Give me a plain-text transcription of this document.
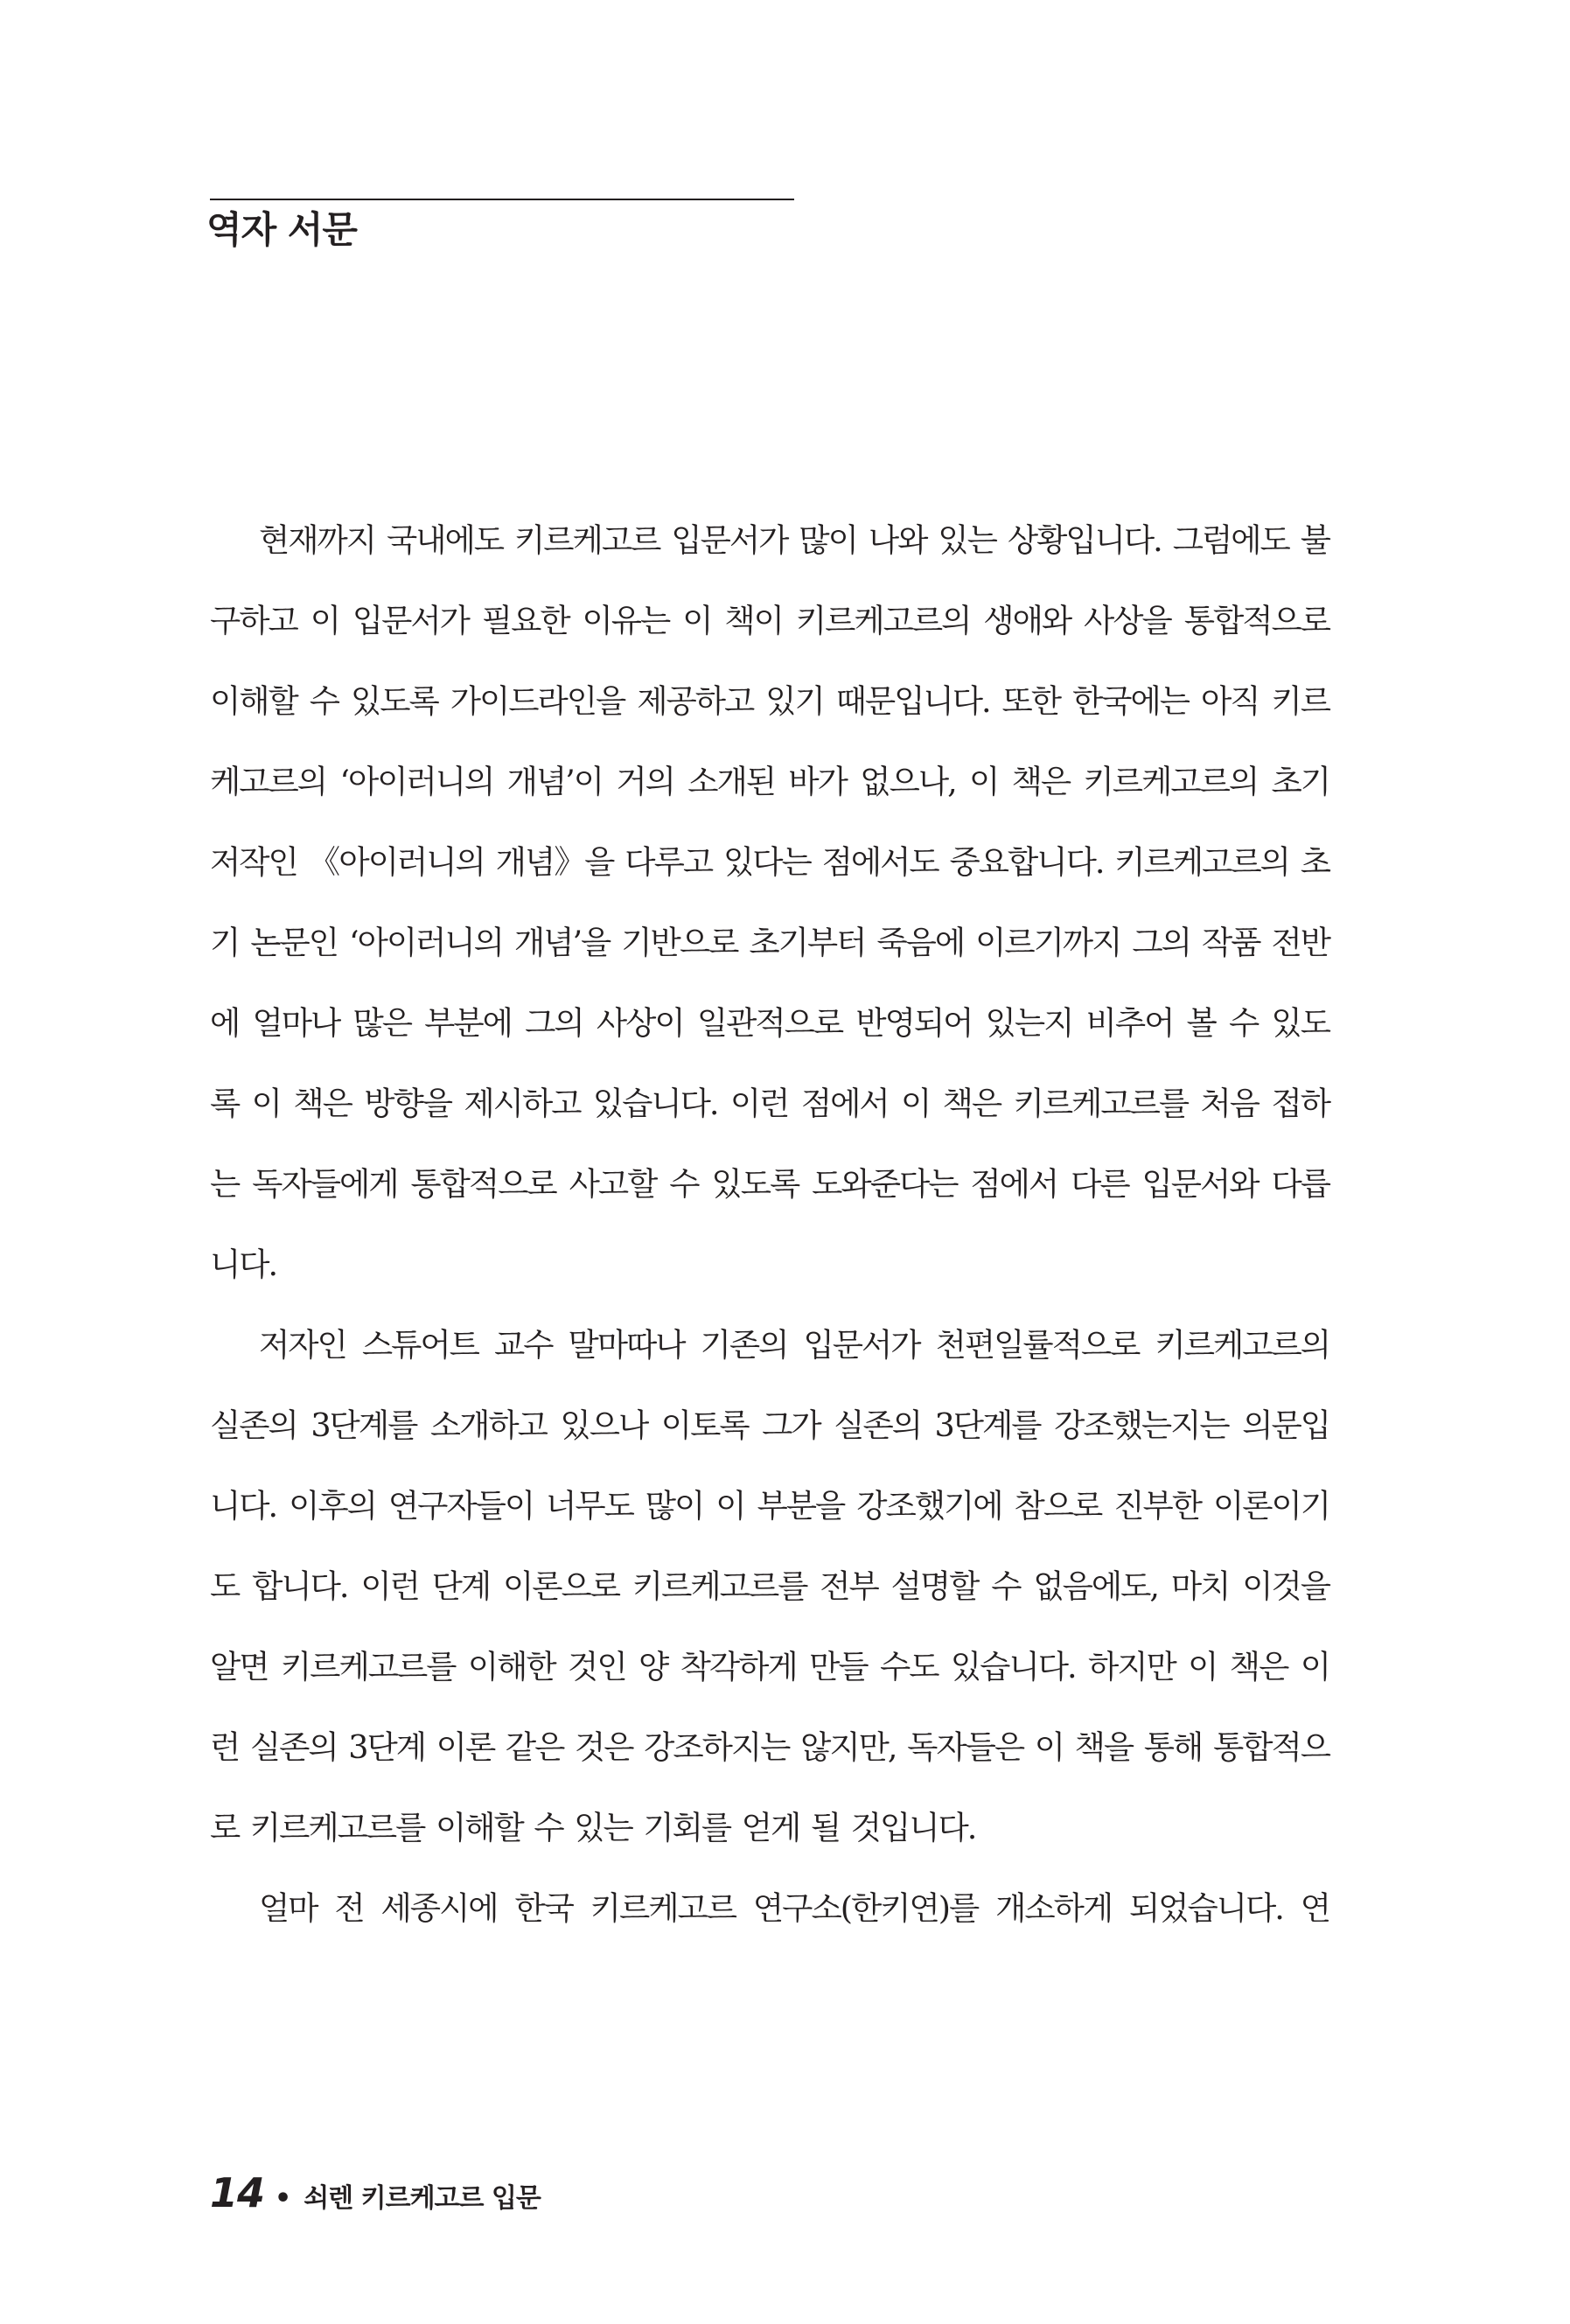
역자 서문

현재까지 국내에도 키르케고르 입문서가 많이 나와 있는 상황입니다. 그럼에도 불구하고 이 입문서가 필요한 이유는 이 책이 키르케고르의 생애와 사상을 통합적으로 이해할 수 있도록 가이드라인을 제공하고 있기 때문입니다. 또한 한국에는 아직 키르케고르의 ‘아이러니의 개념’이 거의 소개된 바가 없으나, 이 책은 키르케고르의 초기 저작인 《아이러니의 개념》을 다루고 있다는 점에서도 중요합니다. 키르케고르의 초기 논문인 ‘아이러니의 개념’을 기반으로 초기부터 죽음에 이르기까지 그의 작품 전반에 얼마나 많은 부분에 그의 사상이 일관적으로 반영되어 있는지 비추어 볼 수 있도록 이 책은 방향을 제시하고 있습니다. 이런 점에서 이 책은 키르케고르를 처음 접하는 독자들에게 통합적으로 사고할 수 있도록 도와준다는 점에서 다른 입문서와 다릅니다.

저자인 스튜어트 교수 말마따나 기존의 입문서가 천편일률적으로 키르케고르의 실존의 3단계를 소개하고 있으나 이토록 그가 실존의 3단계를 강조했는지는 의문입니다. 이후의 연구자들이 너무도 많이 이 부분을 강조했기에 참으로 진부한 이론이기도 합니다. 이런 단계 이론으로 키르케고르를 전부 설명할 수 없음에도, 마치 이것을 알면 키르케고르를 이해한 것인 양 착각하게 만들 수도 있습니다. 하지만 이 책은 이런 실존의 3단계 이론 같은 것은 강조하지는 않지만, 독자들은 이 책을 통해 통합적으로 키르케고르를 이해할 수 있는 기회를 얻게 될 것입니다.

얼마 전 세종시에 한국 키르케고르 연구소(한키연)를 개소하게 되었습니다. 연

14 • 쇠렌 키르케고르 입문
